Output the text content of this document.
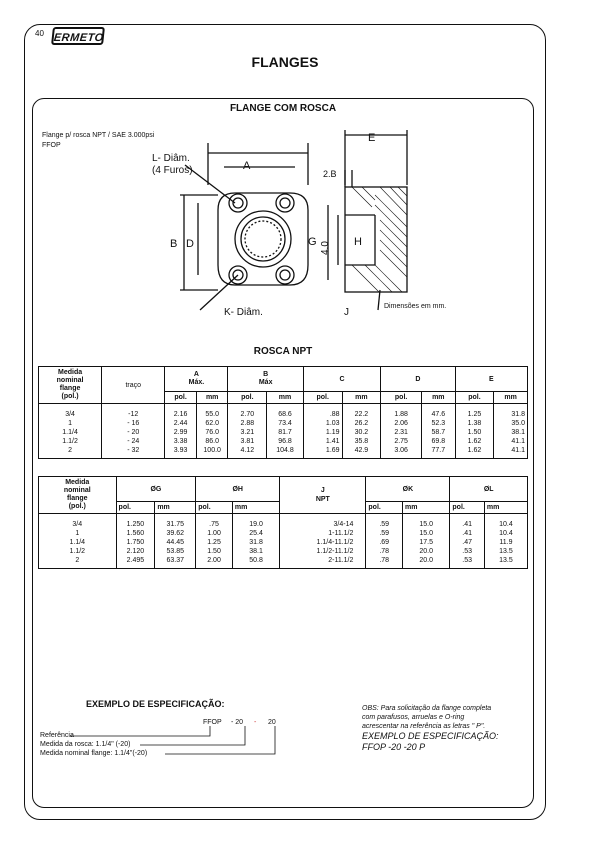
40 ERMETO
FLANGES
FLANGE COM ROSCA
Flange p/ rosca NPT / SAE 3.000psi
FFOP
A
E
B D	G	H
4.0
2.B
L- Diâm.
(4 Furos)
K- Diâm.	J
Dimensões em mm.
ROSCA NPT
Medida
nominal
flange
(pol.)	traço	A
Máx.		B
Máx		C		D		E	
		pol.	mm	pol.	mm	pol.	mm	pol.	mm	pol.	mm

3/4	-12	2.16	55.0	2.70	68.6	.88	22.2	1.88	47.6	1.25	31.8
1	- 16	2.44	62.0	2.88	73.4	1.03	26.2	2.06	52.3	1.38	35.0
1.1/4	- 20	2.99	76.0	3.21	81.7	1.19	30.2	2.31	58.7	1.50	38.1
1.1/2	- 24	3.38	86.0	3.81	96.8	1.41	35.8	2.75	69.8	1.62	41.1
2	- 32	3.93	100.0	4.12	104.8	1.69	42.9	3.06	77.7	1.62	41.1

Medida
nominal
flange
(pol.)	ØG		ØH		J
NPT	ØK		ØL	
	pol.	mm	pol.	mm		pol.	mm	pol.	mm

3/4	1.250	31.75	.75	19.0	3/4-14	.59	15.0	.41	10.4
1	1.560	39.62	1.00	25.4	1-11.1/2	.59	15.0	.41	10.4
1.1/4	1.750	44.45	1.25	31.8	1.1/4-11.1/2	.69	17.5	.47	11.9
1.1/2	2.120	53.85	1.50	38.1	1.1/2-11.1/2	.78	20.0	.53	13.5
2	2.495	63.37	2.00	50.8	2-11.1/2	.78	20.0	.53	13.5

EXEMPLO DE ESPECIFICAÇÃO:
FFOP - 20 - 20
Referência
Medida da rosca: 1.1/4" (-20)
Medida nominal flange: 1.1/4"(-20)
OBS: Para solicitação da flange completa
com parafusos, arruelas e O-ring
acrescentar na referência as letras " P".
EXEMPLO DE ESPECIFICAÇÃO:
FFOP -20 -20 P
